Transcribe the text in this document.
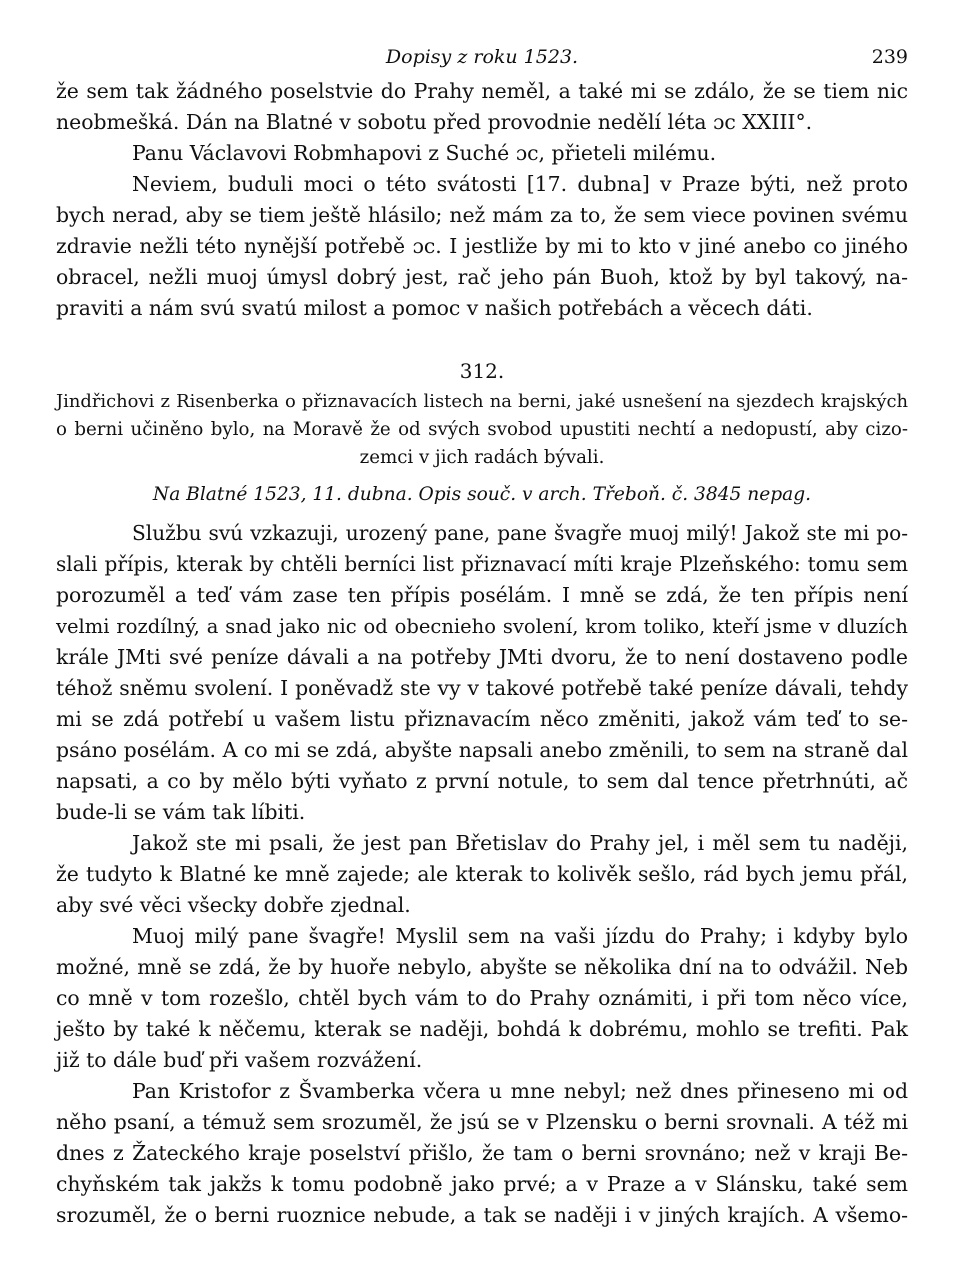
Dopisy z roku 1523.	239
že sem tak žádného poselstvie do Prahy neměl, a také mi se zdálo, že se tiem nic
neobmešká. Dán na Blatné v sobotu před provodnie nedělí léta ɔc XXIII°.
Panu Václavovi Robmhapovi z Suché ɔc, přieteli milému.
Neviem, buduli moci o této svátosti [17. dubna] v Praze býti, než proto
bych nerad, aby se tiem ještě hlásilo; než mám za to, že sem viece povinen svému
zdravie nežli této nynější potřebě ɔc. I jestliže by mi to kto v jiné anebo co jiného
obracel, nežli muoj úmysl dobrý jest, rač jeho pán Buoh, ktož by byl takový, na-
praviti a nám svú svatú milost a pomoc v našich potřebách a věcech dáti.
312.
Jindřichovi z Risenberka o přiznavacích listech na berni, jaké usnešení na sjezdech krajských
o berni učiněno bylo, na Moravě že od svých svobod upustiti nechtí a nedopustí, aby cizo-
zemci v jich radách bývali.
Na Blatné 1523, 11. dubna. Opis souč. v arch. Třeboň. č. 3845 nepag.
Službu svú vzkazuji, urozený pane, pane švagře muoj milý! Jakož ste mi po-
slali přípis, kterak by chtěli berníci list přiznavací míti kraje Plzeňského: tomu sem
porozuměl a teď vám zase ten přípis posélám. I mně se zdá, že ten přípis není
velmi rozdílný, a snad jako nic od obecnieho svolení, krom toliko, kteří jsme v dluzích
krále JMti své peníze dávali a na potřeby JMti dvoru, že to není dostaveno podle
téhož sněmu svolení. I poněvadž ste vy v takové potřebě také peníze dávali, tehdy
mi se zdá potřebí u vašem listu přiznavacím něco změniti, jakož vám teď to se-
psáno posélám. A co mi se zdá, abyšte napsali anebo změnili, to sem na straně dal
napsati, a co by mělo býti vyňato z první notule, to sem dal tence přetrhnúti, ač
bude-li se vám tak líbiti.
Jakož ste mi psali, že jest pan Břetislav do Prahy jel, i měl sem tu naději,
že tudyto k Blatné ke mně zajede; ale kterak to kolivěk sešlo, rád bych jemu přál,
aby své věci všecky dobře zjednal.
Muoj milý pane švagře! Myslil sem na vaši jízdu do Prahy; i kdyby bylo
možné, mně se zdá, že by huoře nebylo, abyšte se několika dní na to odvážil. Neb
co mně v tom rozešlo, chtěl bych vám to do Prahy oznámiti, i při tom něco více,
ješto by také k něčemu, kterak se naději, bohdá k dobrému, mohlo se trefiti. Pak
již to dále buď při vašem rozvážení.
Pan Kristofor z Švamberka včera u mne nebyl; než dnes přineseno mi od
něho psaní, a témuž sem srozuměl, že jsú se v Plzensku o berni srovnali. A též mi
dnes z Žateckého kraje poselství přišlo, že tam o berni srovnáno; než v kraji Be-
chyňském tak jakžs k tomu podobně jako prvé; a v Praze a v Slánsku, také sem
srozuměl, že o berni ruoznice nebude, a tak se naději i v jiných krajích. A všemo-
